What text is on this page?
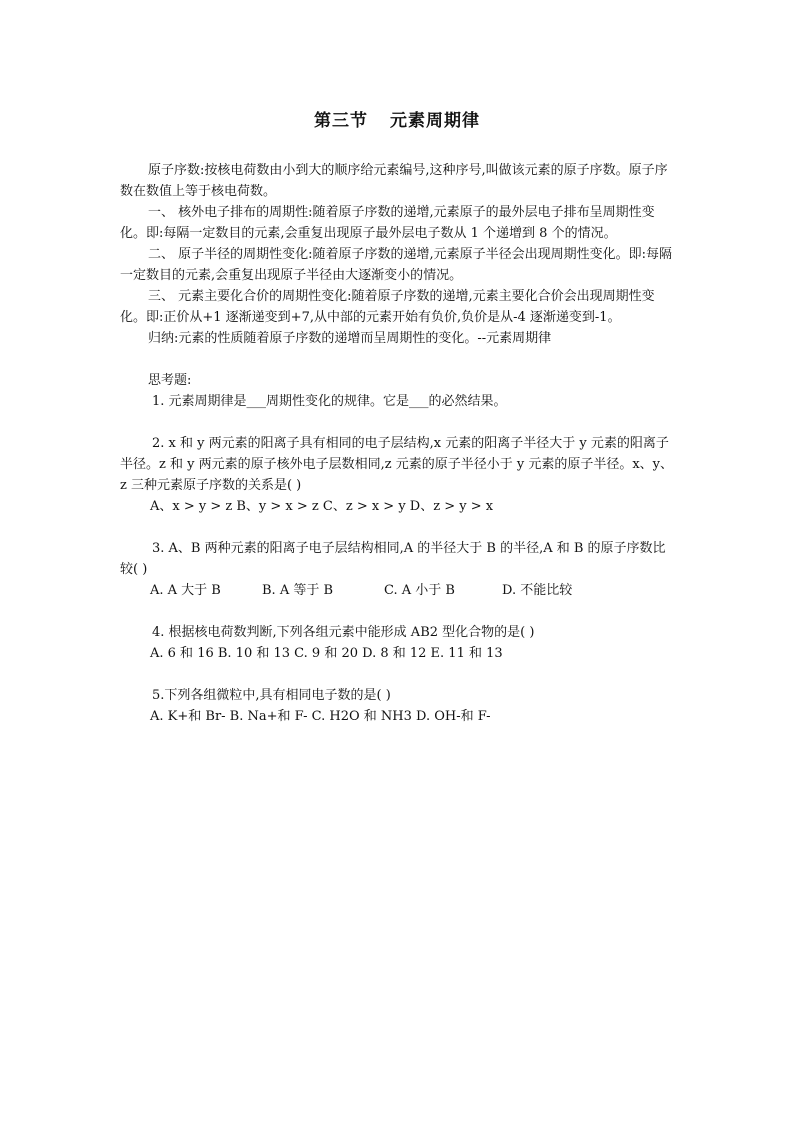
第三节 元素周期律

原子序数:按核电荷数由小到大的顺序给元素编号,这种序号,叫做该元素的原子序数。原子序数在数值上等于核电荷数。

一、 核外电子排布的周期性:随着原子序数的递增,元素原子的最外层电子排布呈周期性变化。即:每隔一定数目的元素,会重复出现原子最外层电子数从 1 个递增到 8 个的情况。

二、 原子半径的周期性变化:随着原子序数的递增,元素原子半径会出现周期性变化。即:每隔一定数目的元素,会重复出现原子半径由大逐渐变小的情况。

三、 元素主要化合价的周期性变化:随着原子序数的递增,元素主要化合价会出现周期性变化。即:正价从+1 逐渐递变到+7,从中部的元素开始有负价,负价是从-4 逐渐递变到-1。

归纳:元素的性质随着原子序数的递增而呈周期性的变化。--元素周期律

思考题:

1. 元素周期律是___周期性变化的规律。它是___的必然结果。

2. x 和 y 两元素的阳离子具有相同的电子层结构,x 元素的阳离子半径大于 y 元素的阳离子半径。z 和 y 两元素的原子核外电子层数相同,z 元素的原子半径小于 y 元素的原子半径。x、y、z 三种元素原子序数的关系是( )

A、x > y > z B、y > x > z C、z > x > y D、z > y > x

3. A、B 两种元素的阳离子电子层结构相同,A 的半径大于 B 的半径,A 和 B 的原子序数比较( )

A. A 大于 B	B. A 等于 B	C. A 小于 B	D. 不能比较

4. 根据核电荷数判断,下列各组元素中能形成 AB2 型化合物的是( )

A. 6 和 16 B. 10 和 13 C. 9 和 20 D. 8 和 12 E. 11 和 13

5.下列各组微粒中,具有相同电子数的是( )

A. K+和 Br- B. Na+和 F- C. H2O 和 NH3 D. OH-和 F-
